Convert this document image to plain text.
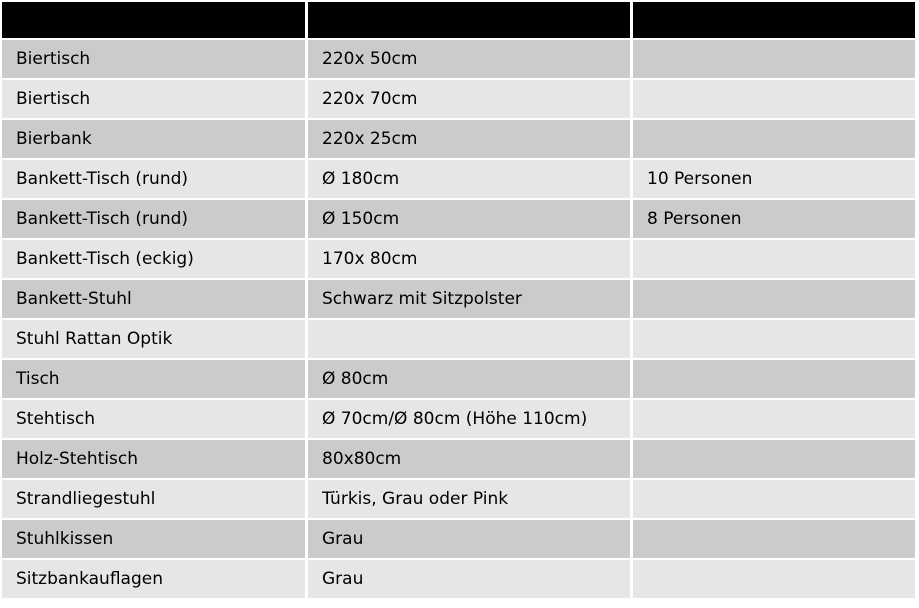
Biertisch	220x 50cm
Biertisch	220x 70cm
Bierbank	220x 25cm
Bankett-Tisch (rund)	Ø 180cm	10 Personen
Bankett-Tisch (rund)	Ø 150cm	8 Personen
Bankett-Tisch (eckig)	170x 80cm
Bankett-Stuhl	Schwarz mit Sitzpolster
Stuhl Rattan Optik
Tisch	Ø 80cm
Stehtisch	Ø 70cm/Ø 80cm (Höhe 110cm)
Holz-Stehtisch	80x80cm
Strandliegestuhl	Türkis, Grau oder Pink
Stuhlkissen	Grau
Sitzbankauflagen	Grau
